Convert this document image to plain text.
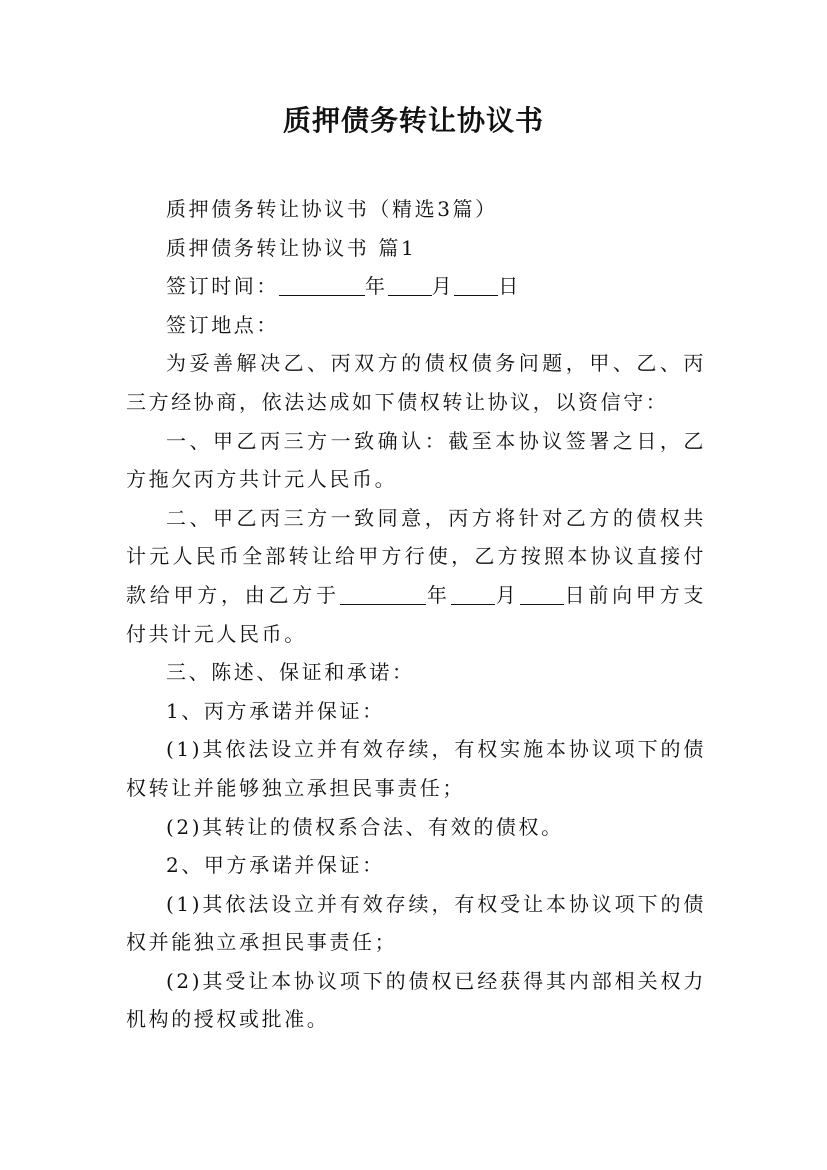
质押债务转让协议书

质押债务转让协议书（精选3篇）

质押债务转让协议书 篇1

签订时间：	年 月 日

签订地点：

为妥善解决乙、丙双方的债权债务问题，甲、乙、丙三方经协商，依法达成如下债权转让协议，以资信守：

一、甲乙丙三方一致确认：截至本协议签署之日，乙方拖欠丙方共计元人民币。

二、甲乙丙三方一致同意，丙方将针对乙方的债权共计元人民币全部转让给甲方行使，乙方按照本协议直接付款给甲方，由乙方于	年 月 日前向甲方支付共计元人民币。

三、陈述、保证和承诺：

1、丙方承诺并保证：

(1)其依法设立并有效存续，有权实施本协议项下的债权转让并能够独立承担民事责任；

(2)其转让的债权系合法、有效的债权。

2、甲方承诺并保证：

(1)其依法设立并有效存续，有权受让本协议项下的债权并能独立承担民事责任；

(2)其受让本协议项下的债权已经获得其内部相关权力机构的授权或批准。
